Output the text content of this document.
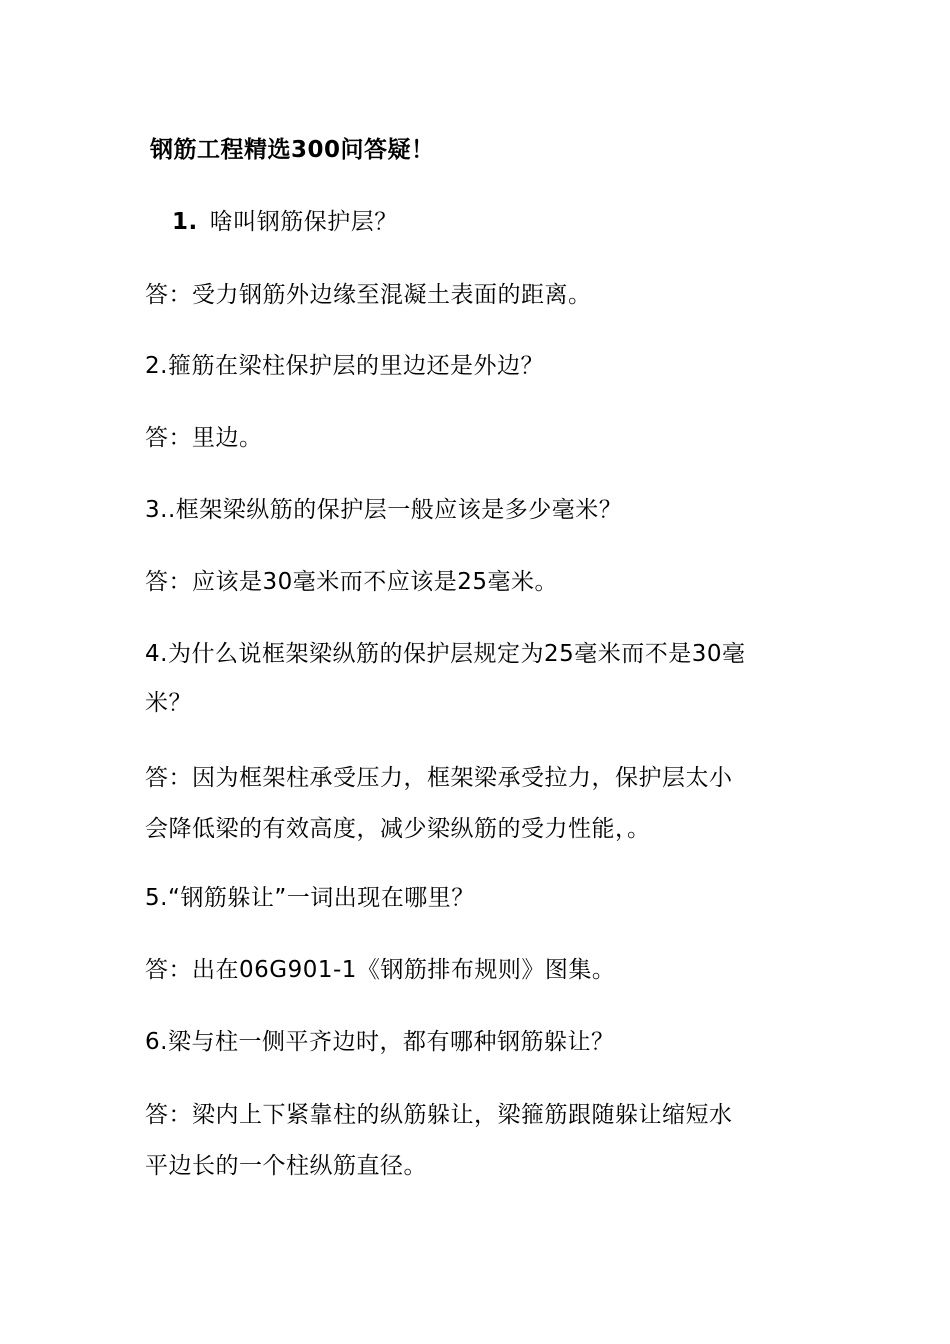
钢筋工程精选300问答疑！
1. 啥叫钢筋保护层？
答：受力钢筋外边缘至混凝土表面的距离。
2.箍筋在梁柱保护层的里边还是外边？
答：里边。
3..框架梁纵筋的保护层一般应该是多少毫米？
答：应该是30毫米而不应该是25毫米。
4.为什么说框架梁纵筋的保护层规定为25毫米而不是30毫
米？
答：因为框架柱承受压力，框架梁承受拉力，保护层太小
会降低梁的有效高度，减少梁纵筋的受力性能，。
5.“钢筋躲让”一词出现在哪里？
答：出在06G901-1《钢筋排布规则》图集。
6.梁与柱一侧平齐边时，都有哪种钢筋躲让？
答：梁内上下紧靠柱的纵筋躲让，梁箍筋跟随躲让缩短水
平边长的一个柱纵筋直径。
